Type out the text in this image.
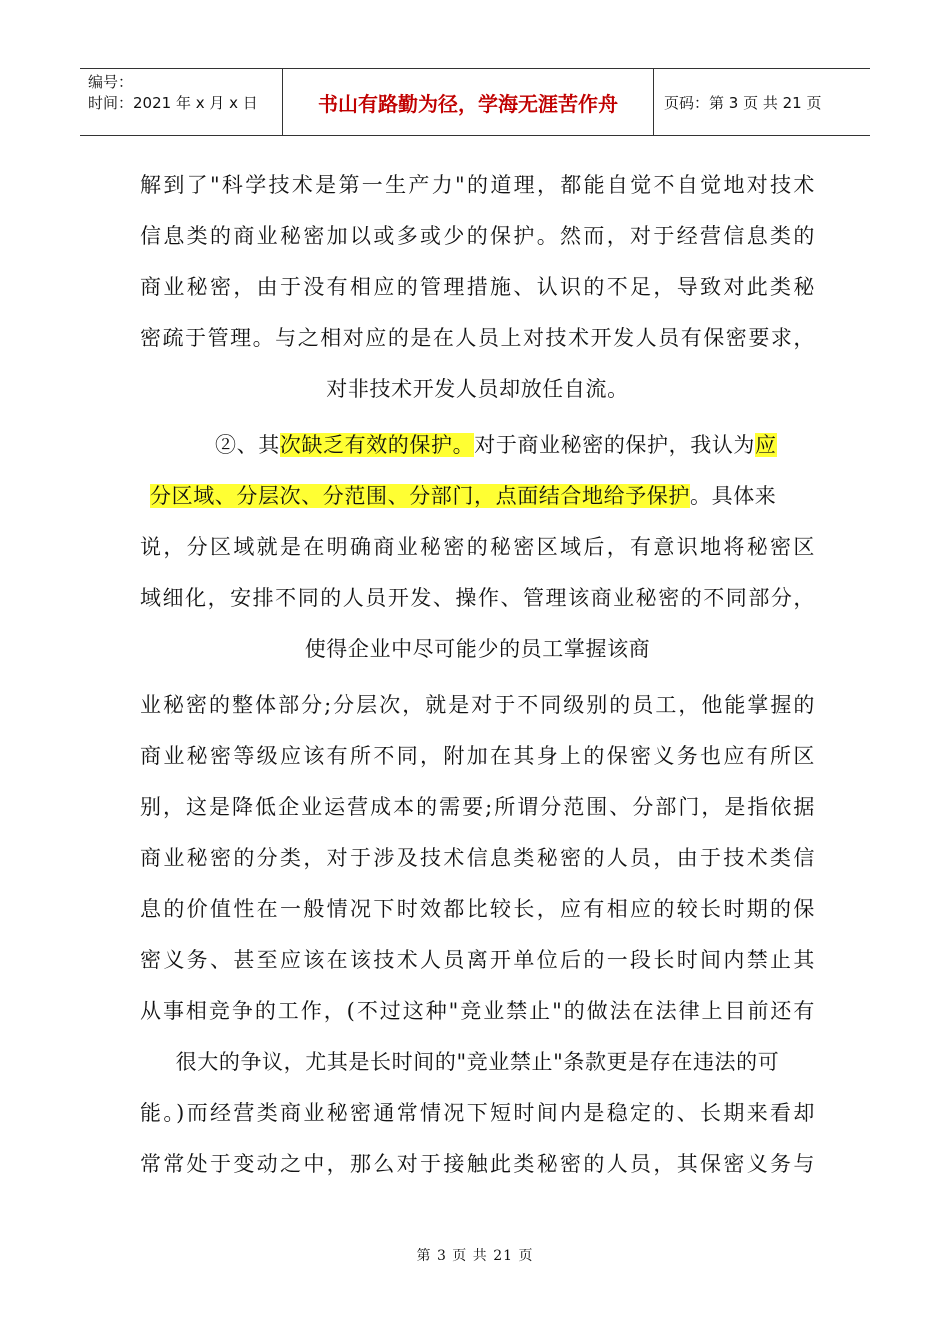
编号：
时间：2021 年 x 月 x 日	书山有路勤为径，学海无涯苦作舟	页码：第 3 页 共 21 页
解到了"科学技术是第一生产力"的道理，都能自觉不自觉地对技术
信息类的商业秘密加以或多或少的保护。然而，对于经营信息类的
商业秘密，由于没有相应的管理措施、认识的不足，导致对此类秘
密疏于管理。与之相对应的是在人员上对技术开发人员有保密要求，
对非技术开发人员却放任自流。
②、其次缺乏有效的保护。对于商业秘密的保护，我认为应
分区域、分层次、分范围、分部门，点面结合地给予保护。具体来
说，分区域就是在明确商业秘密的秘密区域后，有意识地将秘密区
域细化，安排不同的人员开发、操作、管理该商业秘密的不同部分，
使得企业中尽可能少的员工掌握该商
业秘密的整体部分;分层次，就是对于不同级别的员工，他能掌握的
商业秘密等级应该有所不同，附加在其身上的保密义务也应有所区
别，这是降低企业运营成本的需要;所谓分范围、分部门，是指依据
商业秘密的分类，对于涉及技术信息类秘密的人员，由于技术类信
息的价值性在一般情况下时效都比较长，应有相应的较长时期的保
密义务、甚至应该在该技术人员离开单位后的一段长时间内禁止其
从事相竞争的工作，(不过这种"竞业禁止"的做法在法律上目前还有
很大的争议，尤其是长时间的"竞业禁止"条款更是存在违法的可
能。)而经营类商业秘密通常情况下短时间内是稳定的、长期来看却
常常处于变动之中，那么对于接触此类秘密的人员，其保密义务与
第 3 页 共 21 页
